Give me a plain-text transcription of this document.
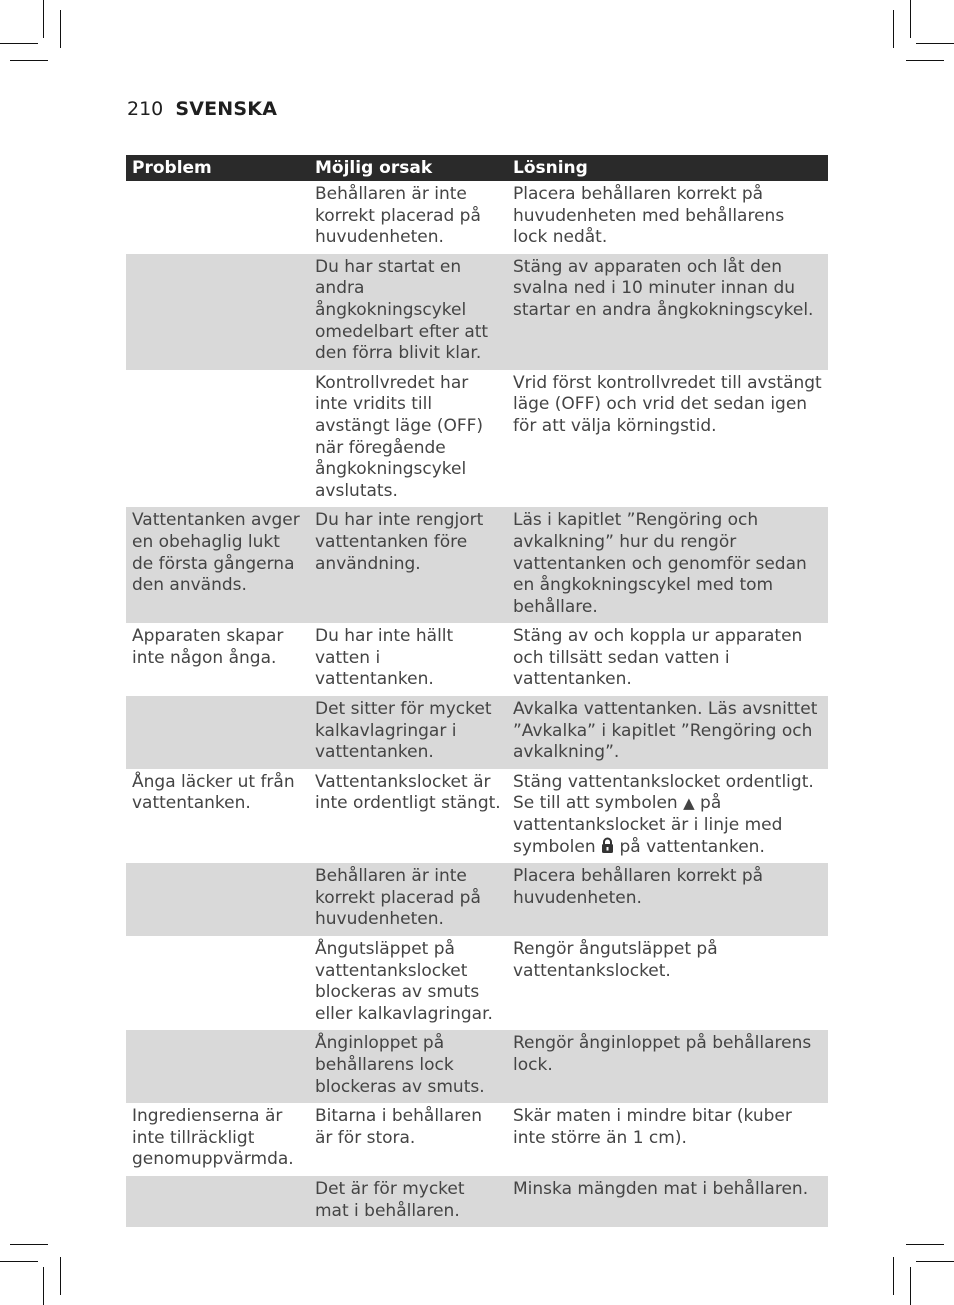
210 SVENSKA
Problem	Möjlig orsak	Lösning
	Behållaren är inte korrekt placerad på huvudenheten.	Placera behållaren korrekt på huvudenheten med behållarens lock nedåt.
	Du har startat en andra ångkokningscykel omedelbart efter att den förra blivit klar.	Stäng av apparaten och låt den svalna ned i 10 minuter innan du startar en andra ångkokningscykel.
	Kontrollvredet har inte vridits till avstängt läge (OFF) när föregående ångkokningscykel avslutats.	Vrid först kontrollvredet till avstängt läge (OFF) och vrid det sedan igen för att välja körningstid.
Vattentanken avger en obehaglig lukt de första gångerna den används.	Du har inte rengjort vattentanken före användning.	Läs i kapitlet ”Rengöring och avkalkning” hur du rengör vattentanken och genomför sedan en ångkokningscykel med tom behållare.
Apparaten skapar inte någon ånga.	Du har inte hällt vatten i vattentanken.	Stäng av och koppla ur apparaten och tillsätt sedan vatten i vattentanken.
	Det sitter för mycket kalkavlagringar i vattentanken.	Avkalka vattentanken. Läs avsnittet ”Avkalka” i kapitlet ”Rengöring och avkalkning”.
Ånga läcker ut från vattentanken.	Vattentankslocket är inte ordentligt stängt.	Stäng vattentankslocket ordentligt. Se till att symbolen ▲ på vattentankslocket är i linje med symbolen på vattentanken.
	Behållaren är inte korrekt placerad på huvudenheten.	Placera behållaren korrekt på huvudenheten.
	Ångutsläppet på vattentankslocket blockeras av smuts eller kalkavlagringar.	Rengör ångutsläppet på vattentankslocket.
	Ånginloppet på behållarens lock blockeras av smuts.	Rengör ånginloppet på behållarens lock.
Ingredienserna är inte tillräckligt genomuppvärmda.	Bitarna i behållaren är för stora.	Skär maten i mindre bitar (kuber inte större än 1 cm).
	Det är för mycket mat i behållaren.	Minska mängden mat i behållaren.
